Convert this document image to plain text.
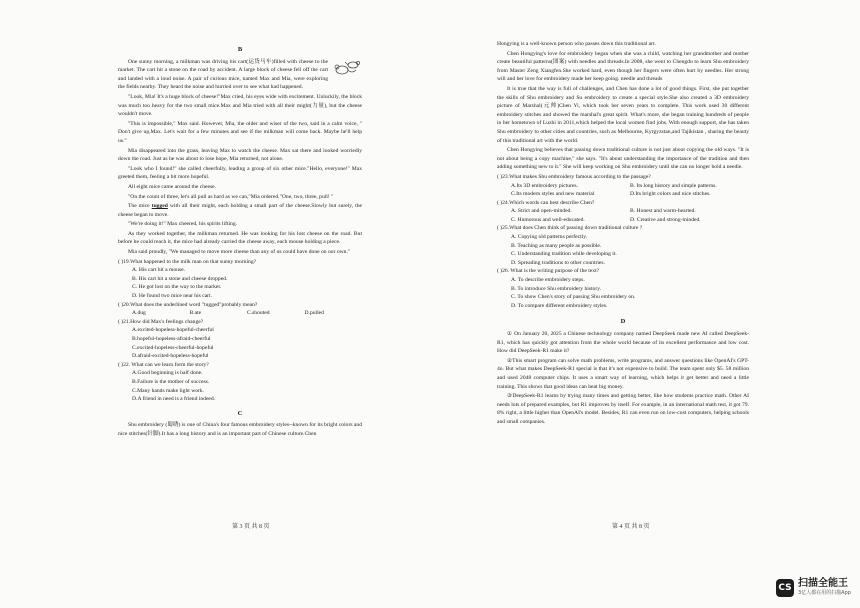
B

One sunny morning, a milkman was driving his cart(运货马车)filled with cheese to the market. The cart hit a stone on the road by accident. A large block of cheese fell off the cart and landed with a loud noise. A pair of curious mice, named Max and Mia, were exploring the fields nearby. They heard the noise and hurried over to see what had happened.

"Look, Mia! It's a huge block of cheese!"Max cried, his eyes wide with excitement. Unluckily, the block was much too heavy for the two small mice.Max and Mia tried with all their might(力量), but the cheese wouldn't move.

"This is impossible," Max said. However, Mia, the older and wiser of the two, said in a calm voice, " Don't give up,Max. Let's wait for a few minutes and see if the milkman will come back. Maybe he'll help us."

Mia disappeared into the grass, leaving Max to watch the cheese. Max sat there and looked worriedly down the road. Just as he was about to lose hope, Mia returned, not alone.

"Look who I found!" she called cheerfully, leading a group of six other mice."Hello, everyone!" Max greeted them, feeling a bit more hopeful.

All eight mice came around the cheese.

"On the count of three, let's all pull as hard as we can,"Mia ordered."One, two, three, pull! "

The mice tugged with all their might, each holding a small part of the cheese.Slowly but surely, the cheese began to move.

"We're doing it!" Max cheered, his spirits lifting.

As they worked together, the milkman returned. He was looking for his lost cheese on the road. But before he could reach it, the mice had already carried the cheese away, each mouse holding a piece.

Mia said proudly, "We managed to move more cheese than any of us could have done on our own."

( )19.What happened to the milk man on that sunny morning?
A. His cart hit a mouse.
B. His cart hit a stone and cheese dropped.
C. He got lost on the way to the market.
D. He found two mice near his cart.
( )20.What does the underlined word "tugged"probably mean?
A.dug	B.ate	C.shouted	D.pulled
( )21.How did Max's feelings change?
A.excited-hopeless-hopeful-cheerful
B.hopeful-hopeless-afraid-cheerful
C.excited-hopeless-cheerful-hopeful
D.afraid-excited-hopeless-hopeful
( )22. What can we learn form the story?
A.Good beginning is half done.
B.Failure is the mother of success.
C.Many hands make light work.
D.A friend in need is a friend indeed.
C

Shu embroidery (蜀绣) is one of China's four famous embroidery styles--known for its bright colors and nice stitches(针脚).It has a long history and is an important part of Chinese culture.Chen

第 3 页 共 8 页

Hongying is a well-known person who passes down this traditional art.

Chen Hongying's love for embroidery began when she was a child, watching her grandmother and mother create beautiful patterns(图案) with needles and threads.In 2008, she went to Chengdu to learn Shu embroidery from Master Zeng Xiangfen.She worked hard, even though her fingers were often hurt by needles. Her strong will and her love for embroidery made her keep going. needle and threads

It is true that the way is full of challenges, and Chen has done a lot of good things. First, she put together the skills of Shu embroidery and Su embroidery to create a special style.She also created a 3D embroidery picture of Marshal(元帅)Chen Yi, which took her seven years to complete. This work used 30 different embroidery stitches and showed the marshal's great spirit. What's more, she began training hundreds of people in her hometown of Luzhi in 2011,which helped the local women find jobs. With enough support, she has taken Shu embroidery to other cities and countries, such as Melbourne, Kyrgyzstan,and Tajikistan , sharing the beauty of this traditional art with the world.

Chen Hongying believes that passing down traditional culture is not just about copying the old ways. "It is not about being a copy machine," she says. "It's about understanding the importance of the tradition and then adding something new to it." She will keep working on Shu embroidery until she can no longer hold a needle.

( )23.What makes Shu embroidery famous according to the passage?
A.Its 3D embroidery pictures.	B. Its long history and simple patterns.
C.Its modern styles and new material	D.Its bright colors and nice stitches.
( )24.Which words can best describe Chen?
A. Strict and open-minded.	B. Honest and warm-hearted.
C. Humorous and well-educated.	D. Creative and strong-minded.
( )25.What does Chen think of passing down traditional culture ?
A. Copying old patterns perfectly.
B. Teaching as many people as possible.
C. Understanding tradition while developing it.
D. Spreading traditions to other countries.
( )26. What is the writing purpose of the text?
A. To describe embroidery steps.
B. To introduce Shu embroidery history.
C. To show Chen's story of passing Shu embroidery on.
D. To compare different embroidery styles.
D

① On January 20, 2025 a Chinese technology company named DeepSeek made new AI called DeepSeek-R1, which has quickly got attention from the whole world because of its excellent performance and low cost. How did DeepSeek-R1 make it?

②This smart program can solve math problems, write programs, and answer questions like OpenAI's GPT-4o. But what makes DeepSeek-R1 special is that it's not expensive to build. The team spent only $5. 58 million and used 2048 computer chips. It uses a smart way of learning, which helps it get better and need a little training. This shows that good ideas can beat big money.

③DeepSeek-R1 learns by trying many times and getting better, like how students practice math. Other AI needs lots of prepared examples, but R1 improves by itself. For example, in an international math test, it got 79. 8% right, a little higher than OpenAI's model. Besides, R1 can even run on low-cost computers, helping schools and small companies.

第 4 页 共 8 页
CS 扫描全能王
3亿人都在用的扫描App
